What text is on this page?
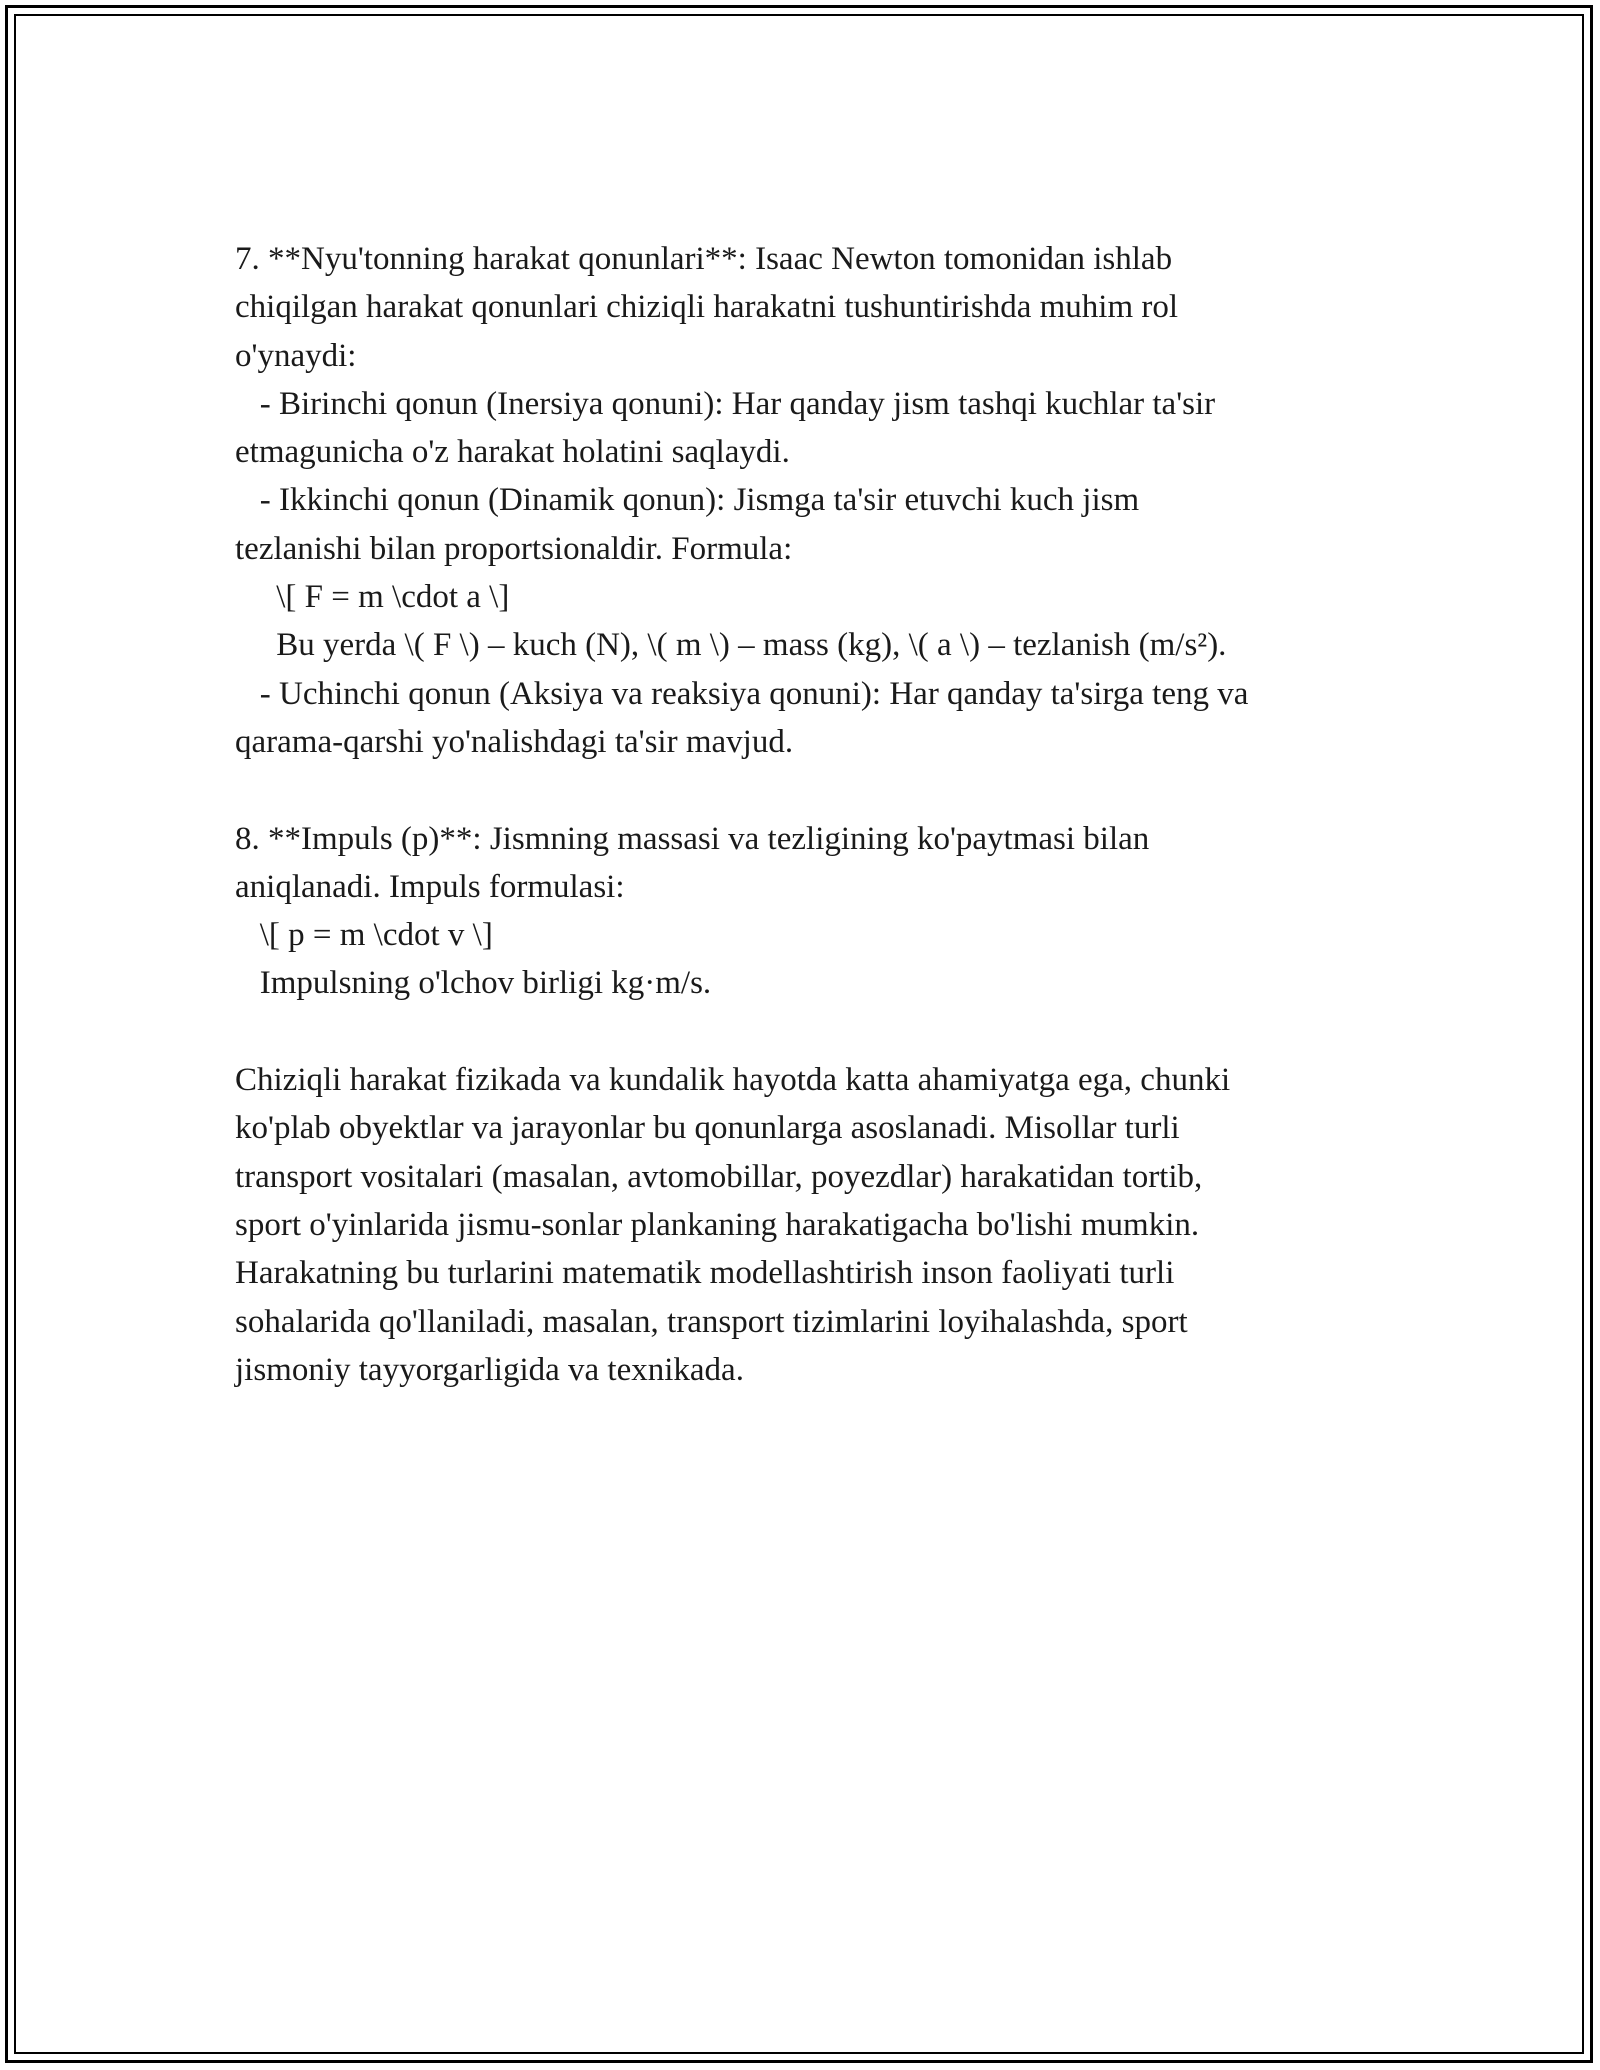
7. **Nyu'tonning harakat qonunlari**: Isaac Newton tomonidan ishlab
chiqilgan harakat qonunlari chiziqli harakatni tushuntirishda muhim rol
o'ynaydi:
- Birinchi qonun (Inersiya qonuni): Har qanday jism tashqi kuchlar ta'sir
etmagunicha o'z harakat holatini saqlaydi.
- Ikkinchi qonun (Dinamik qonun): Jismga ta'sir etuvchi kuch jism
tezlanishi bilan proportsionaldir. Formula:
\[ F = m \cdot a \]
Bu yerda \( F \) – kuch (N), \( m \) – mass (kg), \( a \) – tezlanish (m/s²).
- Uchinchi qonun (Aksiya va reaksiya qonuni): Har qanday ta'sirga teng va
qarama-qarshi yo'nalishdagi ta'sir mavjud.
8. **Impuls (p)**: Jismning massasi va tezligining ko'paytmasi bilan
aniqlanadi. Impuls formulasi:
\[ p = m \cdot v \]
Impulsning o'lchov birligi kg·m/s.
Chiziqli harakat fizikada va kundalik hayotda katta ahamiyatga ega, chunki
ko'plab obyektlar va jarayonlar bu qonunlarga asoslanadi. Misollar turli
transport vositalari (masalan, avtomobillar, poyezdlar) harakatidan tortib,
sport o'yinlarida jismu-sonlar plankaning harakatigacha bo'lishi mumkin.
Harakatning bu turlarini matematik modellashtirish inson faoliyati turli
sohalarida qo'llaniladi, masalan, transport tizimlarini loyihalashda, sport
jismoniy tayyorgarligida va texnikada.
